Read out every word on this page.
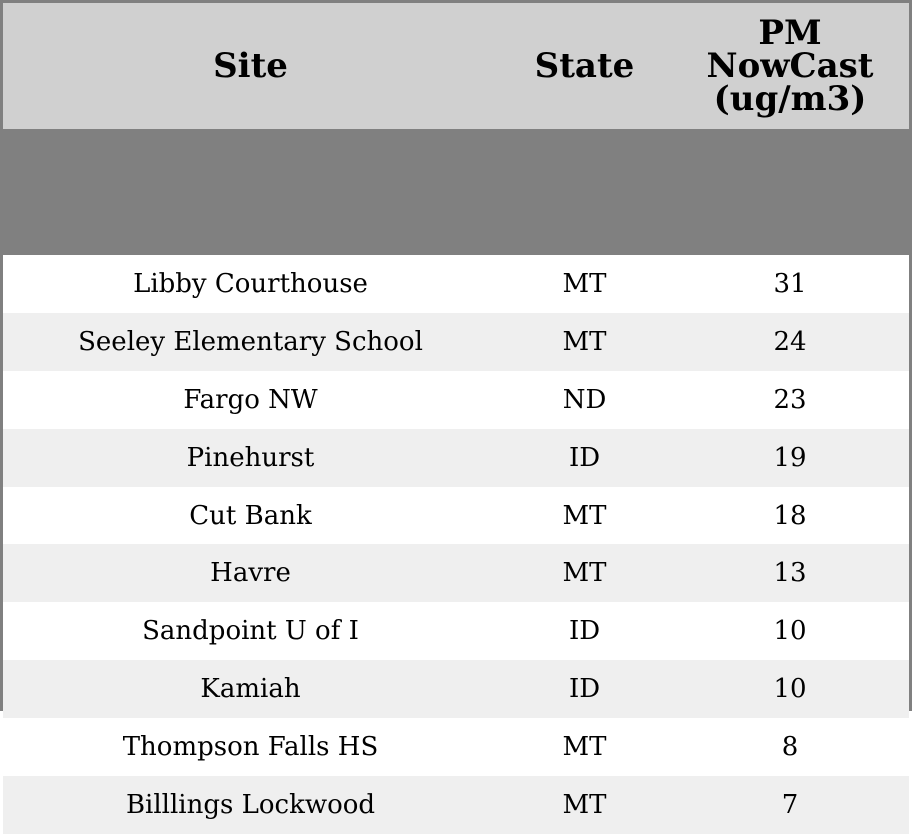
Site	State	PM NowCast (ug/m3)

Libby Courthouse	MT	31
Seeley Elementary School	MT	24
Fargo NW	ND	23
Pinehurst	ID	19
Cut Bank	MT	18
Havre	MT	13
Sandpoint U of I	ID	10
Kamiah	ID	10
Thompson Falls HS	MT	8
Billlings Lockwood	MT	7
